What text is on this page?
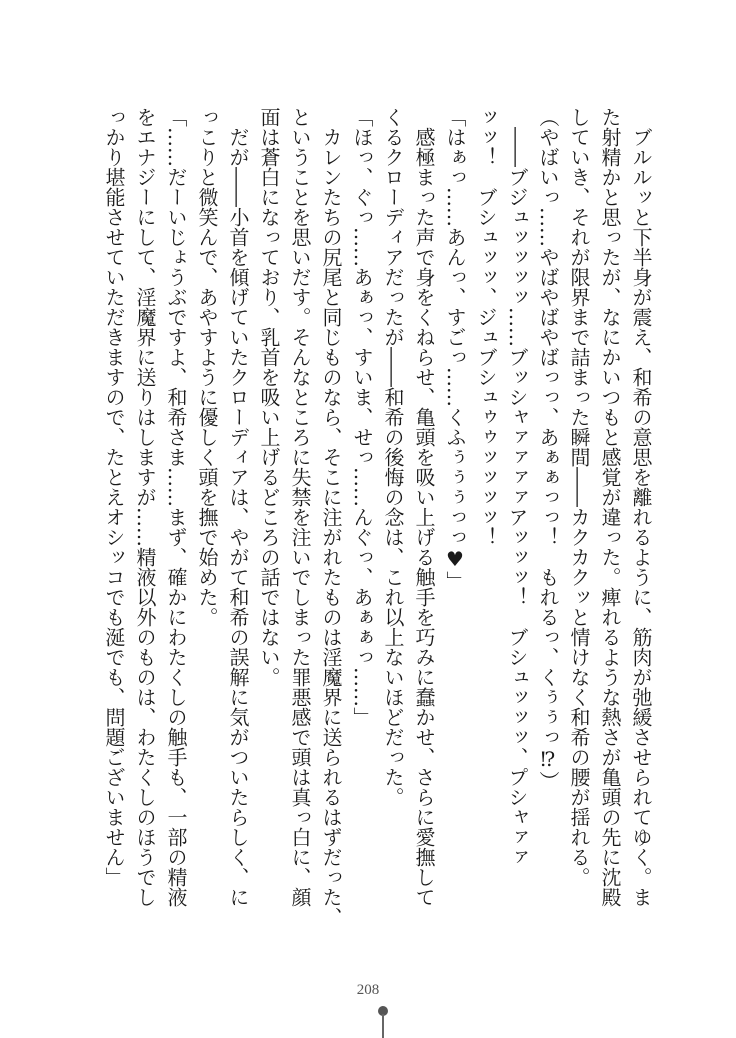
　ブルルッと下半身が震え、和希の意思を離れるように、筋肉が弛緩させられてゆく。ま
た射精かと思ったが、なにかいつもと感覚が違った。痺れるような熱さが亀頭の先に沈殿
していき、それが限界まで詰まった瞬間――カクカクッと情けなく和希の腰が揺れる。
（やばいっ……やばやばやばっっ、あぁぁっっ！　もれるっ、くぅぅっ⁉）
　――ブジュッッッッ……ブッシャァァァァアッッッ！　ブシュッッッ、プシャァァ
ッッ！　ブシュッッ、ジュブシュゥゥッッッッ！
「はぁっ……あんっ、すごっ……くふぅぅぅっっ♥」
　感極まった声で身をくねらせ、亀頭を吸い上げる触手を巧みに蠢かせ、さらに愛撫して
くるクローディアだったが――和希の後悔の念は、これ以上ないほどだった。
「ほっ、ぐっ……あぁっ、すいま、せっ……んぐっ、あぁぁっ……」
　カレンたちの尻尾と同じものなら、そこに注がれたものは淫魔界に送られるはずだった、
ということを思いだす。そんなところに失禁を注いでしまった罪悪感で頭は真っ白に、顔
面は蒼白になっており、乳首を吸い上げるどころの話ではない。
　だが――小首を傾げていたクローディアは、やがて和希の誤解に気がついたらしく、に
っこりと微笑んで、あやすように優しく頭を撫で始めた。
「……だーいじょうぶですよ、和希さま……まず、確かにわたくしの触手も、一部の精液
をエナジーにして、淫魔界に送りはしますが……精液以外のものは、わたくしのほうでし
っかり堪能させていただきますので、たとえオシッコでも涎でも、問題ございません」
208
